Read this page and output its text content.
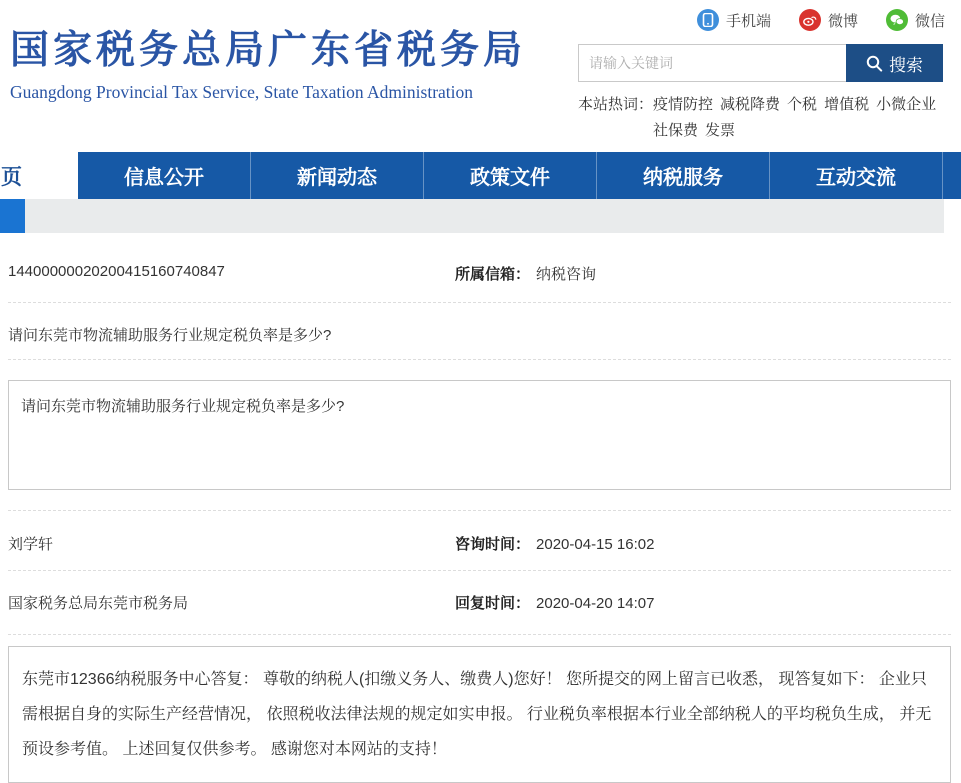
手机端	微博	微信
国家税务总局广东省税务局
Guangdong Provincial Tax Service, State Taxation Administration
请输入关键词
搜索
本站热词： 疫情防控 减税降费 个税 增值税 小微企业
社保费 发票
页	信息公开	新闻动态	政策文件	纳税服务	互动交流
14400000020200415160740847	所属信箱： 纳税咨询
请问东莞市物流辅助服务行业规定税负率是多少?
请问东莞市物流辅助服务行业规定税负率是多少?
刘学轩	咨询时间： 2020-04-15 16:02
国家税务总局东莞市税务局	回复时间： 2020-04-20 14:07
东莞市12366纳税服务中心答复： 尊敬的纳税人(扣缴义务人、缴费人)您好！ 您所提交的网上留言已收悉， 现答复如下： 企业只需根据自身的实际生产经营情况， 依照税收法律法规的规定如实申报。 行业税负率根据本行业全部纳税人的平均税负生成， 并无预设参考值。 上述回复仅供参考。 感谢您对本网站的支持！
